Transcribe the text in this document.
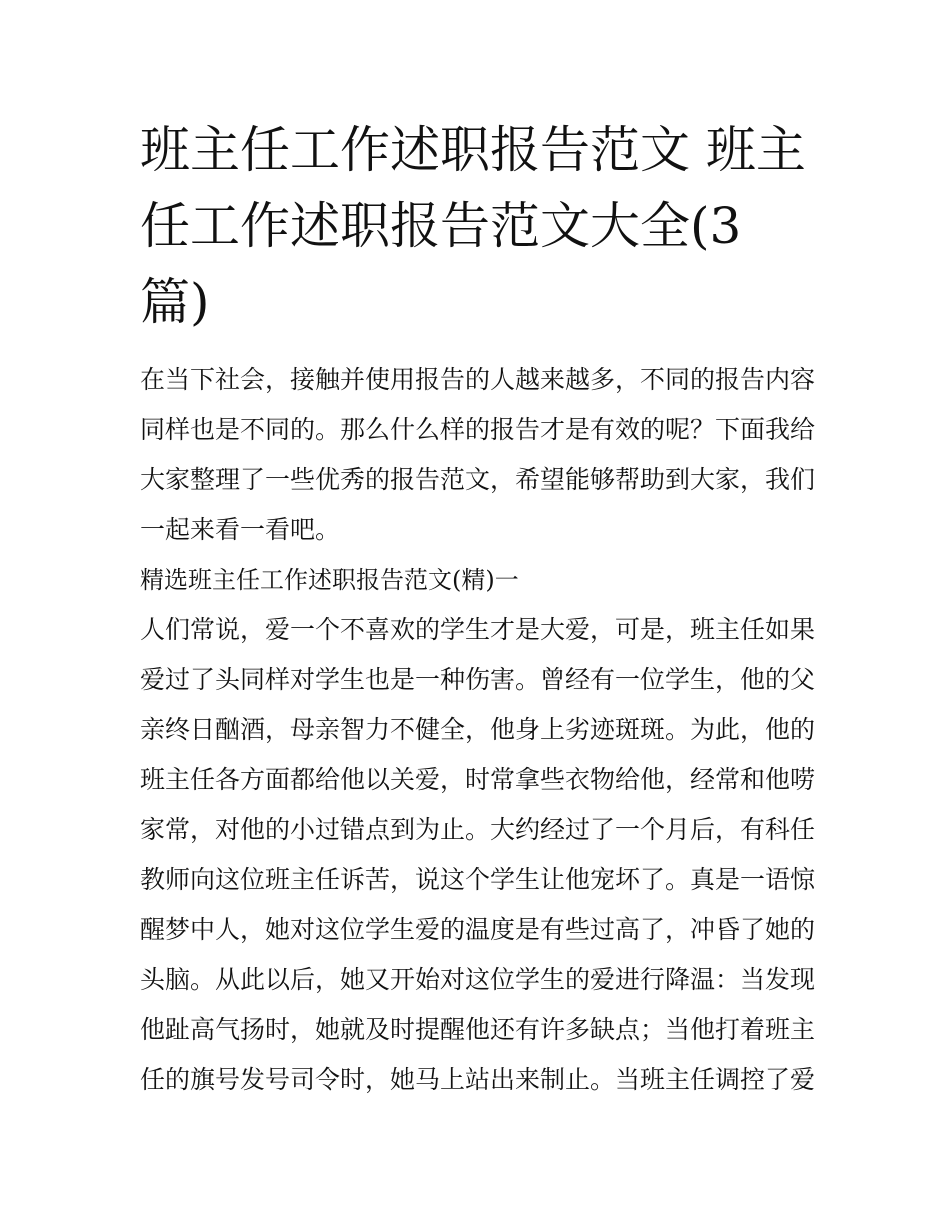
班主任工作述职报告范文 班主
任工作述职报告范文大全(3
篇)
在当下社会，接触并使用报告的人越来越多，不同的报告内容
同样也是不同的。那么什么样的报告才是有效的呢？下面我给
大家整理了一些优秀的报告范文，希望能够帮助到大家，我们
一起来看一看吧。
精选班主任工作述职报告范文(精)一
人们常说，爱一个不喜欢的学生才是大爱，可是，班主任如果
爱过了头同样对学生也是一种伤害。曾经有一位学生，他的父
亲终日酗酒，母亲智力不健全，他身上劣迹斑斑。为此，他的
班主任各方面都给他以关爱，时常拿些衣物给他，经常和他唠
家常，对他的小过错点到为止。大约经过了一个月后，有科任
教师向这位班主任诉苦，说这个学生让他宠坏了。真是一语惊
醒梦中人，她对这位学生爱的温度是有些过高了，冲昏了她的
头脑。从此以后，她又开始对这位学生的爱进行降温：当发现
他趾高气扬时，她就及时提醒他还有许多缺点；当他打着班主
任的旗号发号司令时，她马上站出来制止。当班主任调控了爱
